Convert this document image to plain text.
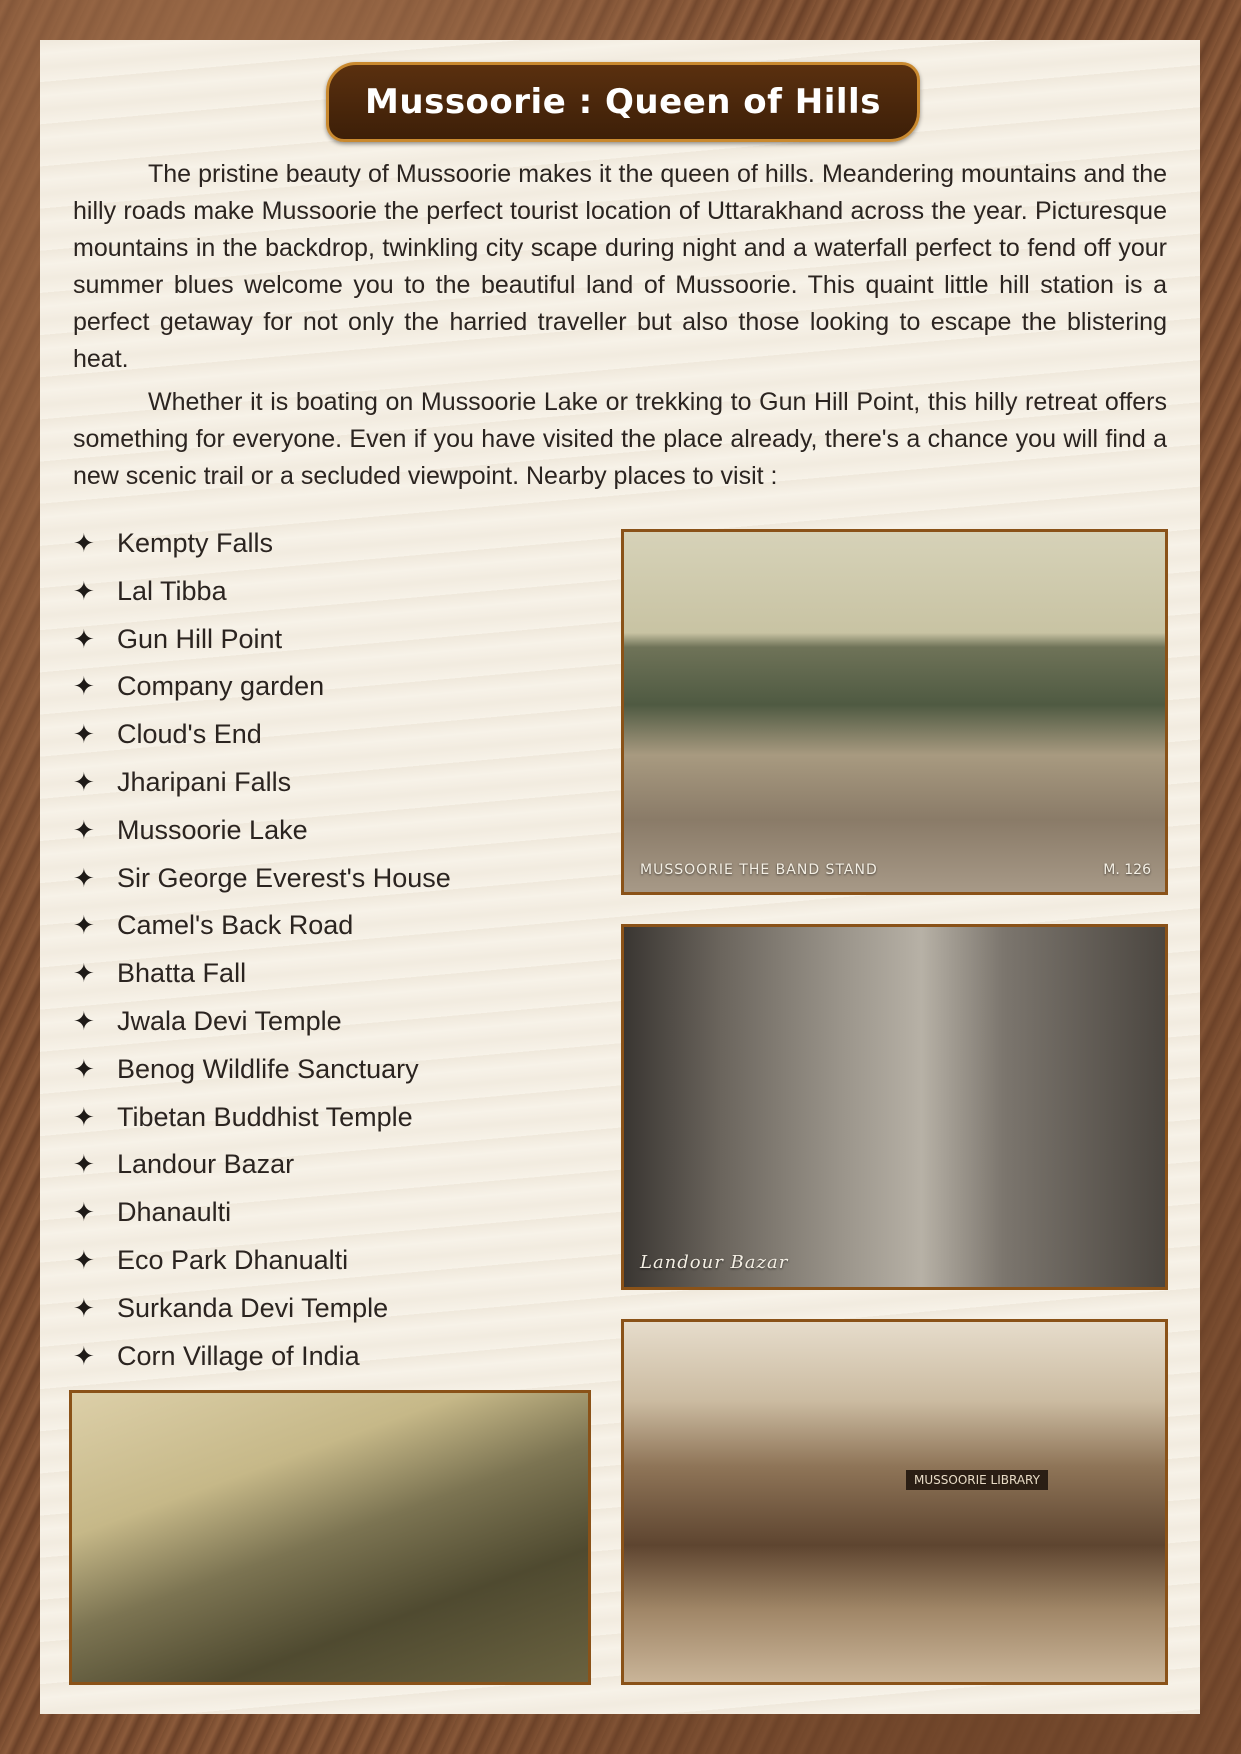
Mussoorie : Queen of Hills

The pristine beauty of Mussoorie makes it the queen of hills. Meandering mountains and the hilly roads make Mussoorie the perfect tourist location of Uttarakhand across the year. Picturesque mountains in the backdrop, twinkling city scape during night and a waterfall perfect to fend off your summer blues welcome you to the beautiful land of Mussoorie. This quaint little hill station is a perfect getaway for not only the harried traveller but also those looking to escape the blistering heat.

Whether it is boating on Mussoorie Lake or trekking to Gun Hill Point, this hilly retreat offers something for everyone. Even if you have visited the place already, there's a chance you will find a new scenic trail or a secluded viewpoint. Nearby places to visit :

✦ Kempty Falls
✦ Lal Tibba
✦ Gun Hill Point
✦ Company garden
✦ Cloud's End
✦ Jharipani Falls
✦ Mussoorie Lake
✦ Sir George Everest's House
✦ Camel's Back Road
✦ Bhatta Fall
✦ Jwala Devi Temple
✦ Benog Wildlife Sanctuary
✦ Tibetan Buddhist Temple
✦ Landour Bazar
✦ Dhanaulti
✦ Eco Park Dhanualti
✦ Surkanda Devi Temple
✦ Corn Village of India
MUSSOORIE THE BAND STAND	M. 126
Landour Bazar
MUSSOORIE LIBRARY
